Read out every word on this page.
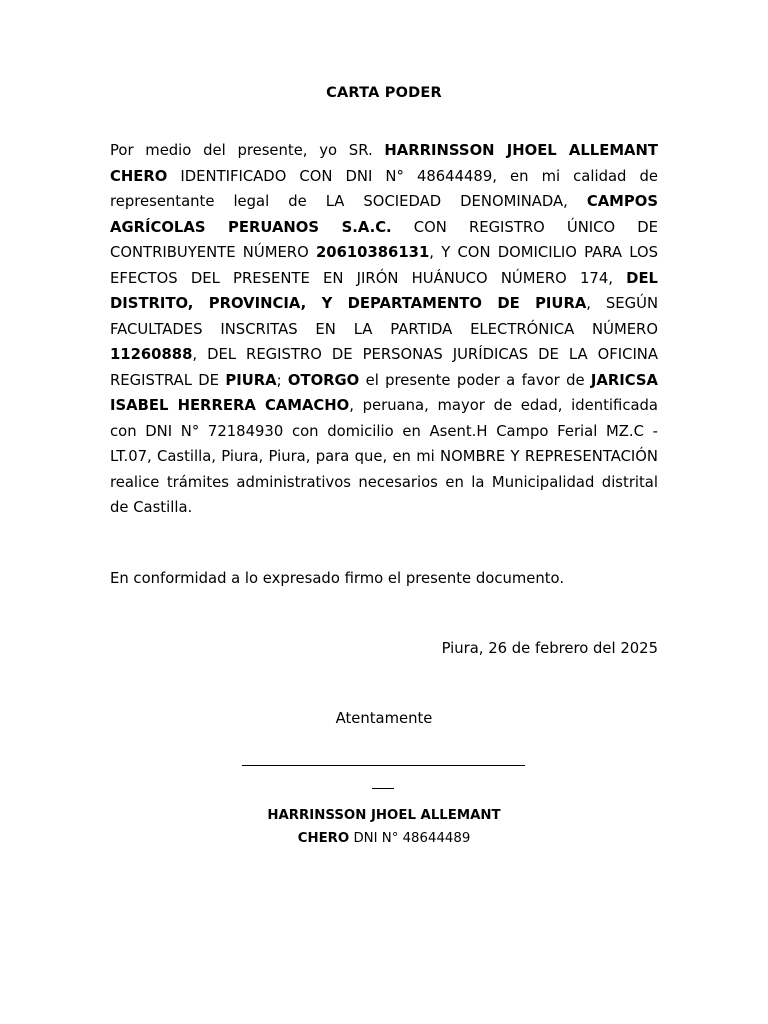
CARTA PODER
Por medio del presente, yo SR. HARRINSSON JHOEL ALLEMANT CHERO IDENTIFICADO CON DNI N° 48644489, en mi calidad de representante legal de LA SOCIEDAD DENOMINADA, CAMPOS AGRÍCOLAS PERUANOS S.A.C. CON REGISTRO ÚNICO DE CONTRIBUYENTE NÚMERO 20610386131, Y CON DOMICILIO PARA LOS EFECTOS DEL PRESENTE EN JIRÓN HUÁNUCO NÚMERO 174, DEL DISTRITO, PROVINCIA, Y DEPARTAMENTO DE PIURA, SEGÚN FACULTADES INSCRITAS EN LA PARTIDA ELECTRÓNICA NÚMERO 11260888, DEL REGISTRO DE PERSONAS JURÍDICAS DE LA OFICINA REGISTRAL DE PIURA; OTORGO el presente poder a favor de JARICSA ISABEL HERRERA CAMACHO, peruana, mayor de edad, identificada con DNI N° 72184930 con domicilio en Asent.H Campo Ferial MZ.C - LT.07, Castilla, Piura, Piura, para que, en mi NOMBRE Y REPRESENTACIÓN realice trámites administrativos necesarios en la Municipalidad distrital de Castilla.
En conformidad a lo expresado firmo el presente documento.
Piura, 26 de febrero del 2025
Atentamente
HARRINSSON JHOEL ALLEMANT
CHERO DNI N° 48644489
